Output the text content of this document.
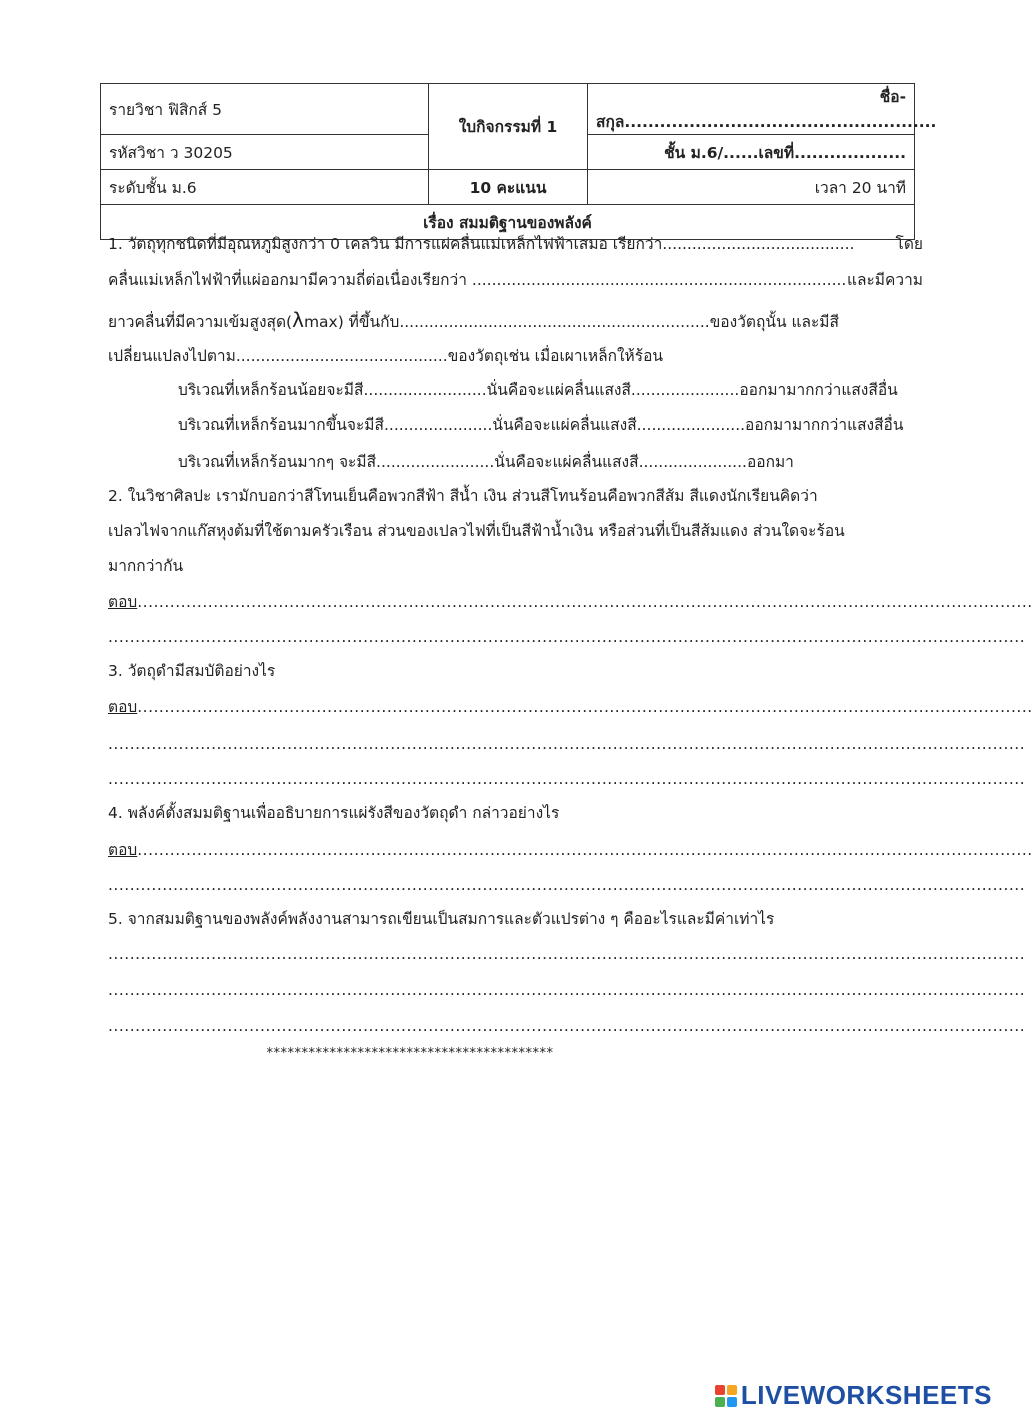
รายวิชา ฟิสิกส์ 5	ใบกิจกรรมที่ 1	ชื่อ-สกุล.....................................................
รหัสวิชา ว 30205		ชั้น ม.6/......เลขที่...................
ระดับชั้น ม.6	10 คะแนน	เวลา 20 นาที
เรื่อง สมมติฐานของพลังค์		
1. วัตถุทุกชนิดที่มีอุณหภูมิสูงกว่า 0 เคลวิน มีการแผ่คลื่นแม่เหล็กไฟฟ้าเสมอ เรียกว่า.......................................	โดย
คลื่นแม่เหล็กไฟฟ้าที่แผ่ออกมามีความถี่ต่อเนื่องเรียกว่า ............................................................................ และมีความ
ยาวคลื่นที่มีความเข้มสูงสุด(λmax) ที่ขึ้นกับ...............................................................ของวัตถุนั้น และมีสี
เปลี่ยนแปลงไปตาม...........................................ของวัตถุเช่น เมื่อเผาเหล็กให้ร้อน
บริเวณที่เหล็กร้อนน้อยจะมีสี.........................นั่นคือจะแผ่คลื่นแสงสี......................ออกมามากกว่าแสงสีอื่น
บริเวณที่เหล็กร้อนมากขึ้นจะมีสี......................นั่นคือจะแผ่คลื่นแสงสี......................ออกมามากกว่าแสงสีอื่น
บริเวณที่เหล็กร้อนมากๆ จะมีสี........................นั่นคือจะแผ่คลื่นแสงสี......................ออกมา
2. ในวิชาศิลปะ เรามักบอกว่าสีโทนเย็นคือพวกสีฟ้า สีน้ำ เงิน ส่วนสีโทนร้อนคือพวกสีส้ม สีแดงนักเรียนคิดว่า
เปลวไฟจากแก๊สหุงต้มที่ใช้ตามครัวเรือน ส่วนของเปลวไฟที่เป็นสีฟ้าน้ำเงิน หรือส่วนที่เป็นสีส้มแดง ส่วนใดจะร้อน
มากกว่ากัน
ตอบ.....................................................................................................................................................................
.........................................................................................................................................................................
3. วัตถุดำมีสมบัติอย่างไร
ตอบ.....................................................................................................................................................................
.........................................................................................................................................................................
.........................................................................................................................................................................
4. พลังค์ตั้งสมมติฐานเพื่ออธิบายการแผ่รังสีของวัตถุดำ กล่าวอย่างไร
ตอบ.....................................................................................................................................................................
.........................................................................................................................................................................
5. จากสมมติฐานของพลังค์พลังงานสามารถเขียนเป็นสมการและตัวแปรต่าง ๆ คืออะไรและมีค่าเท่าไร
.........................................................................................................................................................................
.........................................................................................................................................................................
.........................................................................................................................................................................
*****************************************
LIVEWORKSHEETS
